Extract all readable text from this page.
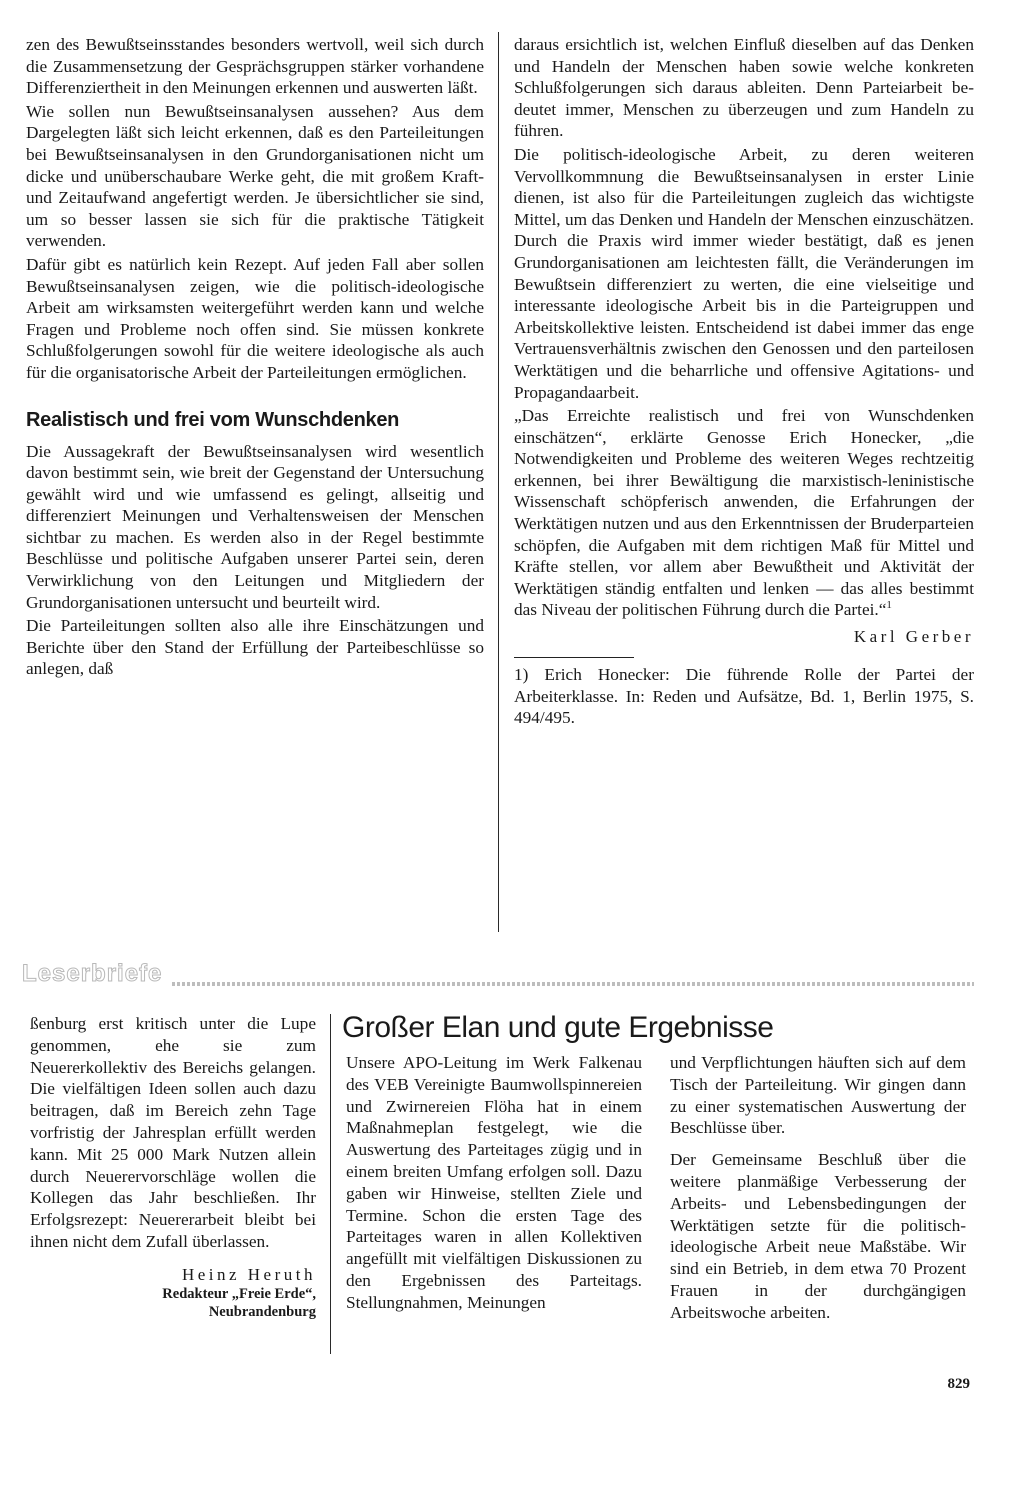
zen des Bewußtseinsstandes besonders wertvoll, weil sich durch die Zusammensetzung der Gesprächsgruppen stärker vorhandene Differenziertheit in den Meinungen erkennen und auswerten läßt.

Wie sollen nun Bewußtseinsanalysen aussehen? Aus dem Dargelegten läßt sich leicht erkennen, daß es den Parteileitungen bei Bewußtseinsanalysen in den Grundorganisationen nicht um dicke und unüberschaubare Werke geht, die mit großem Kraft- und Zeitaufwand angefertigt werden. Je übersichtlicher sie sind, um so besser lassen sie sich für die praktische Tätigkeit verwenden.

Dafür gibt es natürlich kein Rezept. Auf jeden Fall aber sollen Bewußtseinsanalysen zeigen, wie die politisch-ideologische Arbeit am wirksamsten weitergeführt werden kann und welche Fragen und Probleme noch offen sind. Sie müssen konkrete Schlußfolgerungen sowohl für die weitere ideologische als auch für die organisatorische Arbeit der Parteileitungen ermöglichen.

Realistisch und frei vom Wunschdenken

Die Aussagekraft der Bewußtseinsanalysen wird wesentlich davon bestimmt sein, wie breit der Gegenstand der Untersuchung gewählt wird und wie umfassend es gelingt, allseitig und differenziert Meinungen und Verhaltensweisen der Menschen sichtbar zu machen. Es werden also in der Regel bestimmte Beschlüsse und politische Aufgaben unserer Partei sein, deren Verwirklichung von den Leitungen und Mitgliedern der Grundorganisationen untersucht und beurteilt wird.

Die Parteileitungen sollten also alle ihre Einschätzungen und Berichte über den Stand der Erfüllung der Parteibeschlüsse so anlegen, daß

daraus ersichtlich ist, welchen Einfluß dieselben auf das Denken und Handeln der Menschen haben sowie welche konkreten Schlußfolgerungen sich daraus ableiten. Denn Parteiarbeit bedeutet immer, Menschen zu überzeugen und zum Handeln zu führen.

Die politisch-ideologische Arbeit, zu deren weiteren Vervollkommnung die Bewußtseinsanalysen in erster Linie dienen, ist also für die Parteileitungen zugleich das wichtigste Mittel, um das Denken und Handeln der Menschen einzuschätzen. Durch die Praxis wird immer wieder bestätigt, daß es jenen Grundorganisationen am leichtesten fällt, die Veränderungen im Bewußtsein differenziert zu werten, die eine vielseitige und interessante ideologische Arbeit bis in die Parteigruppen und Arbeitskollektive leisten. Entscheidend ist dabei immer das enge Vertrauensverhältnis zwischen den Genossen und den parteilosen Werktätigen und die beharrliche und offensive Agitations- und Propagandaarbeit.

„Das Erreichte realistisch und frei von Wunschdenken einschätzen“, erklärte Genosse Erich Honecker, „die Notwendigkeiten und Probleme des weiteren Weges rechtzeitig erkennen, bei ihrer Bewältigung die marxistisch-leninistische Wissenschaft schöpferisch anwenden, die Erfahrungen der Werktätigen nutzen und aus den Erkenntnissen der Bruderparteien schöpfen, die Aufgaben mit dem richtigen Maß für Mittel und Kräfte stellen, vor allem aber Bewußtheit und Aktivität der Werktätigen ständig entfalten und lenken — das alles bestimmt das Niveau der politischen Führung durch die Partei.“$^1$

Karl Gerber

1) Erich Honecker: Die führende Rolle der Partei der Arbeiterklasse. In: Reden und Aufsätze, Bd. 1, Berlin 1975, S. 494/495.

Leserbriefe

ßenburg erst kritisch unter die Lupe genommen, ehe sie zum Neuererkollektiv des Bereichs gelangen. Die vielfältigen Ideen sollen auch dazu beitragen, daß im Bereich zehn Tage vorfristig der Jahresplan erfüllt werden kann. Mit 25 000 Mark Nutzen allein durch Neuerervorschläge wollen die Kollegen das Jahr beschließen. Ihr Erfolgsrezept: Neuererarbeit bleibt bei ihnen nicht dem Zufall überlassen.

Heinz Heruth
Redakteur „Freie Erde“,
Neubrandenburg
Großer Elan und gute Ergebnisse

Unsere APO-Leitung im Werk Falkenau des VEB Vereinigte Baumwollspinnereien und Zwirnereien Flöha hat in einem Maßnahmeplan festgelegt, wie die Auswertung des Parteitages zügig und in einem breiten Umfang erfolgen soll. Dazu gaben wir Hinweise, stellten Ziele und Termine. Schon die ersten Tage des Parteitages waren in allen Kollektiven angefüllt mit vielfältigen Diskussionen zu den Ergebnissen des Parteitags. Stellungnahmen, Meinungen

und Verpflichtungen häuften sich auf dem Tisch der Parteileitung. Wir gingen dann zu einer systematischen Auswertung der Beschlüsse über.

Der Gemeinsame Beschluß über die weitere planmäßige Verbesserung der Arbeits- und Lebensbedingungen der Werktätigen setzte für die politisch-ideologische Arbeit neue Maßstäbe. Wir sind ein Betrieb, in dem etwa 70 Prozent Frauen in der durchgängigen Arbeitswoche arbeiten.

829
